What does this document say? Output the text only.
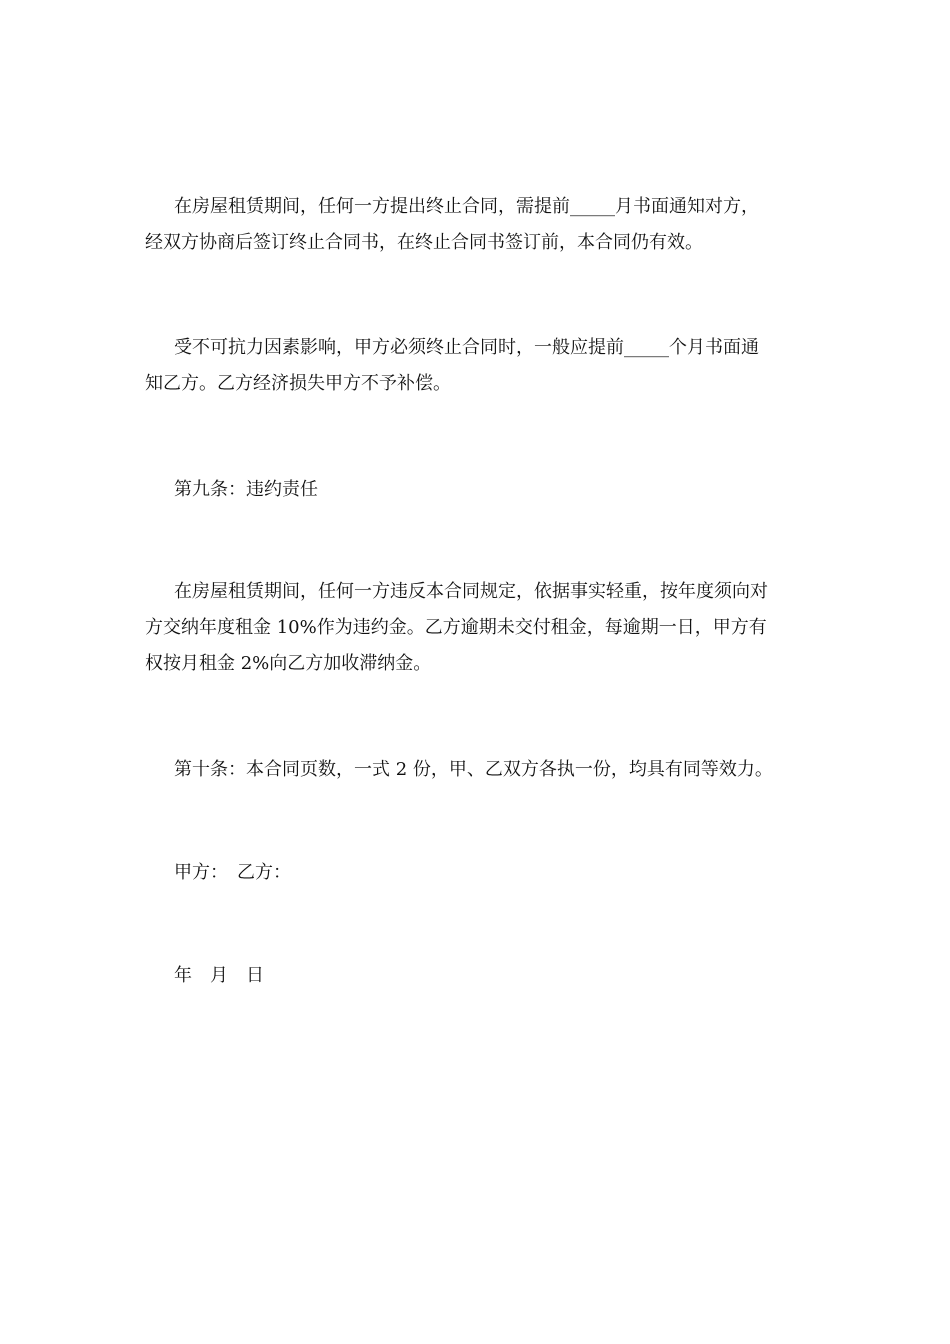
在房屋租赁期间，任何一方提出终止合同，需提前_____月书面通知对方，
经双方协商后签订终止合同书，在终止合同书签订前，本合同仍有效。

受不可抗力因素影响，甲方必须终止合同时，一般应提前_____个月书面通
知乙方。乙方经济损失甲方不予补偿。

第九条：违约责任

在房屋租赁期间，任何一方违反本合同规定，依据事实轻重，按年度须向对
方交纳年度租金 10%作为违约金。乙方逾期未交付租金，每逾期一日，甲方有
权按月租金 2%向乙方加收滞纳金。

第十条：本合同页数，一式 2 份，甲、乙双方各执一份，均具有同等效力。

甲方：　乙方：

年　月　日
